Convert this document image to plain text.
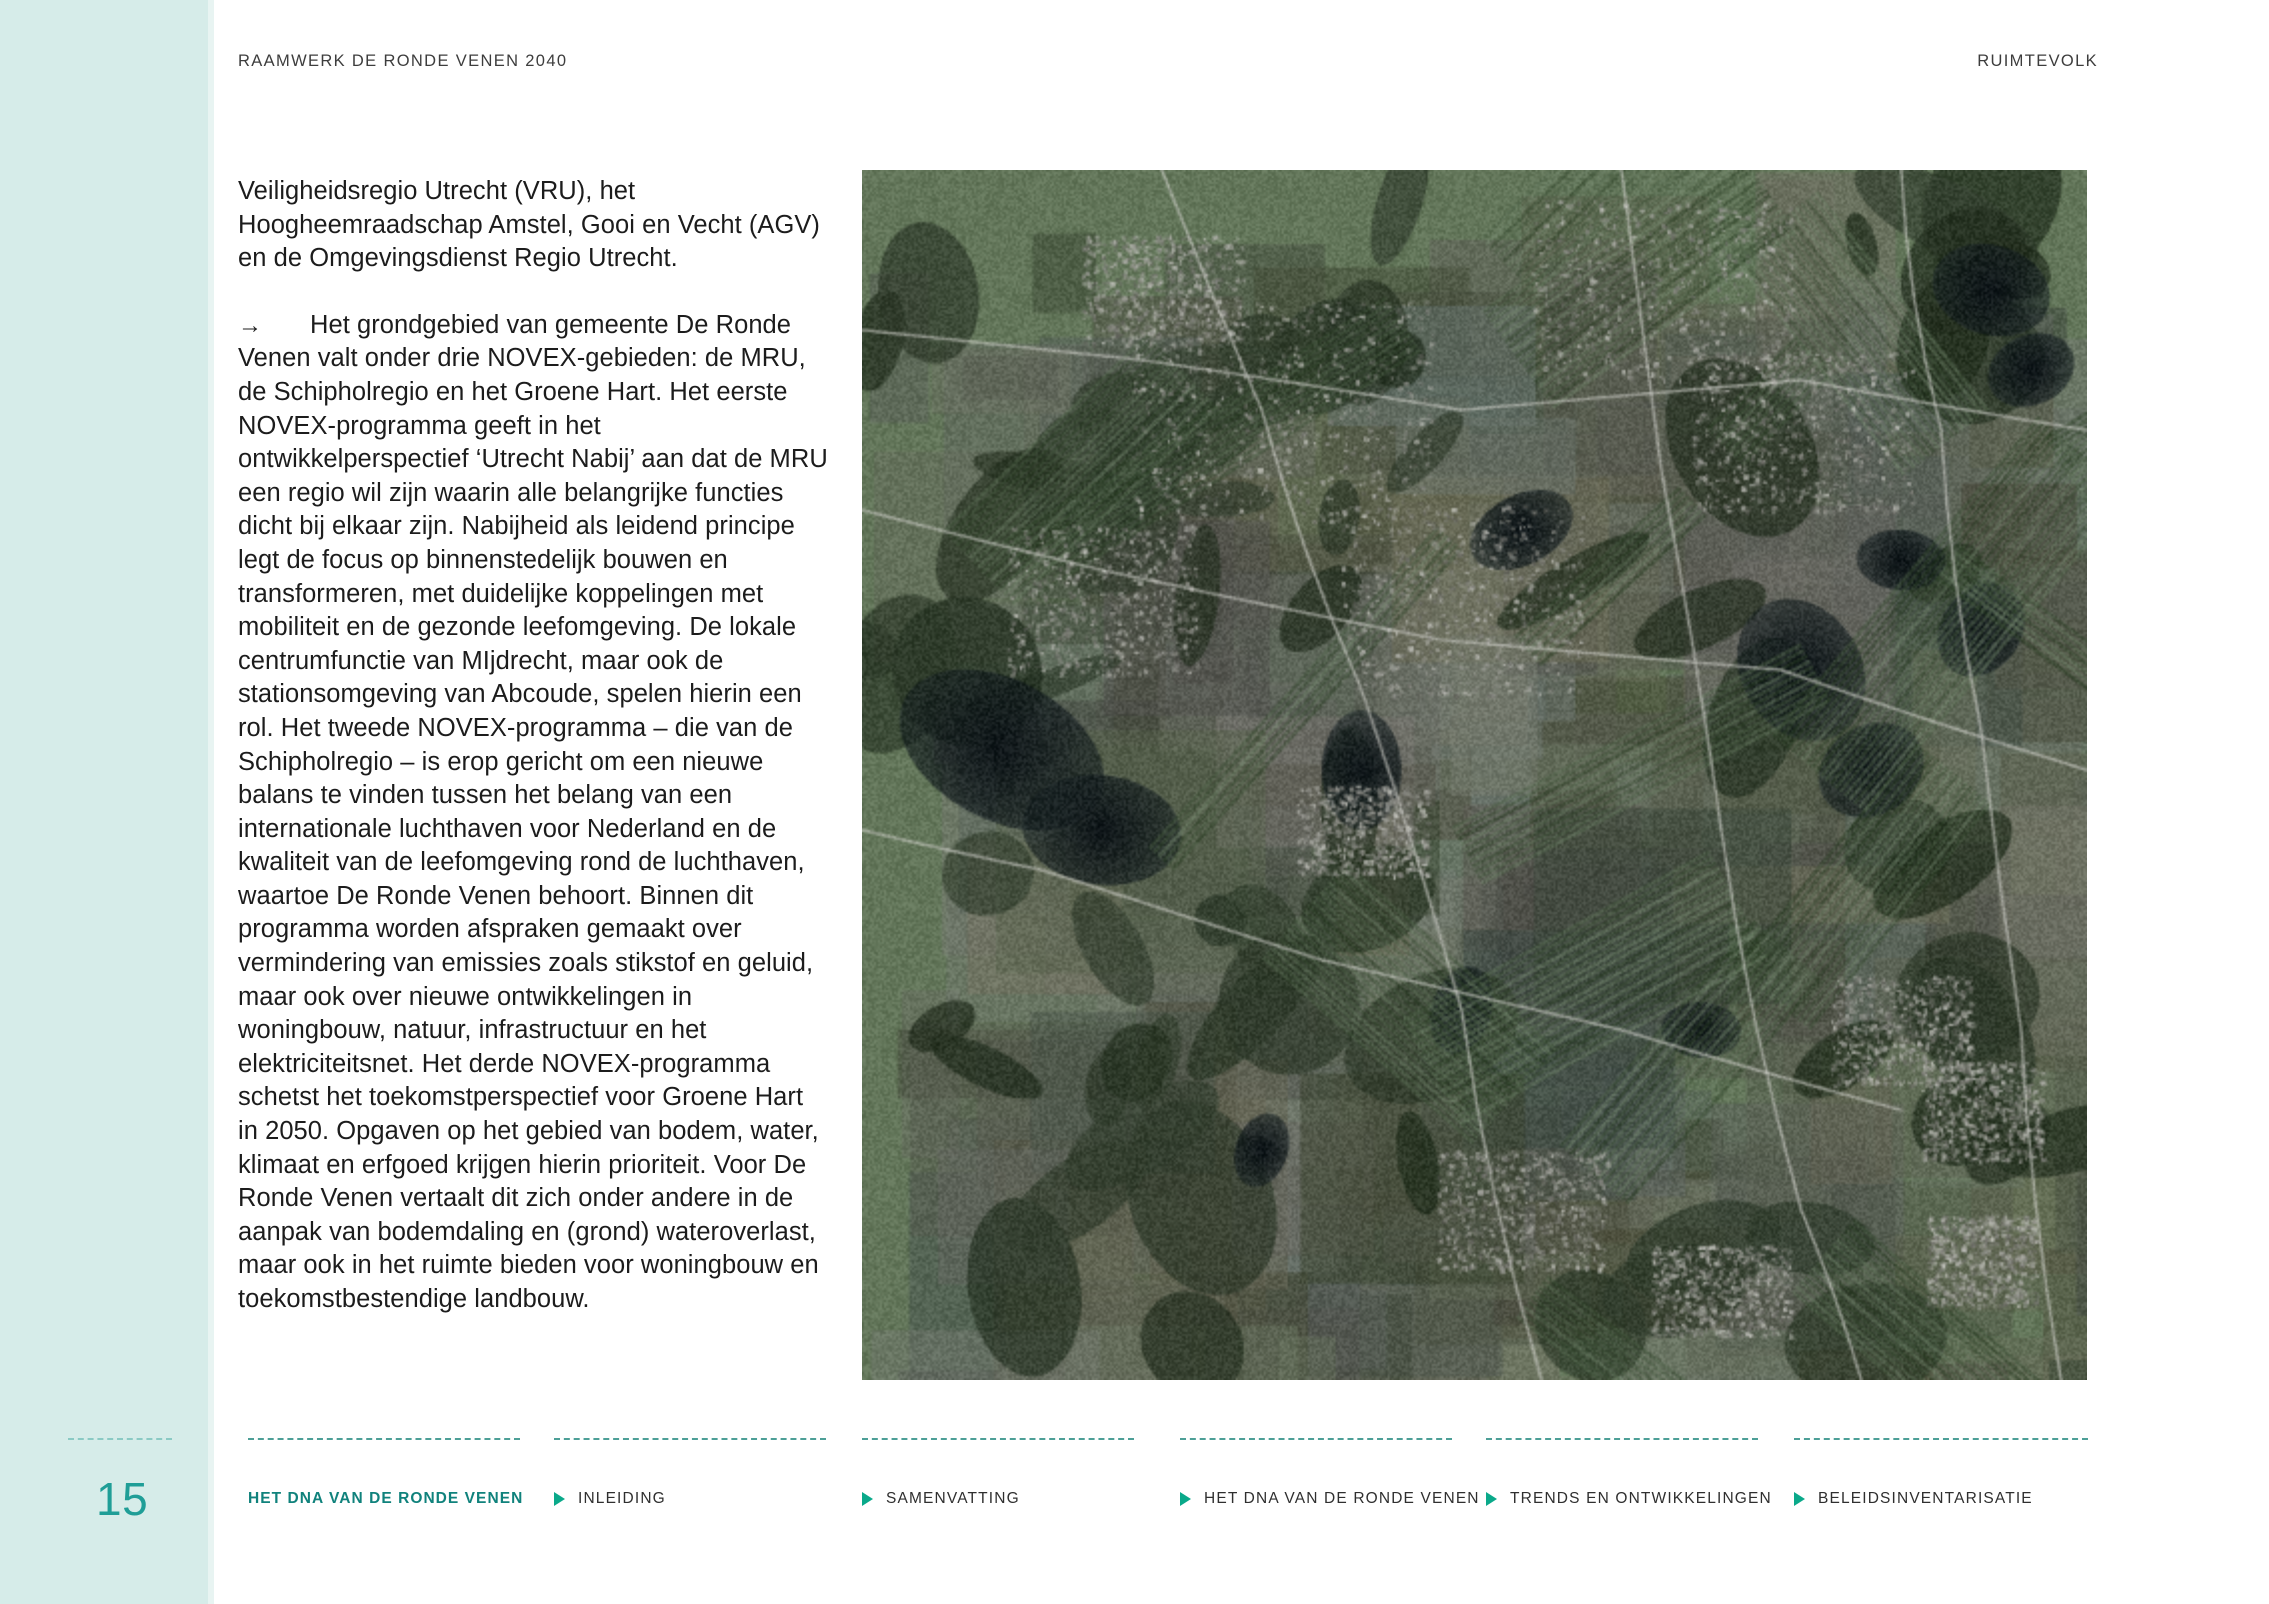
RAAMWERK DE RONDE VENEN 2040	RUIMTEVOLK

Veiligheidsregio Utrecht (VRU), het Hoogheemraadschap Amstel, Gooi en Vecht (AGV) en de Omgevingsdienst Regio Utrecht.

→ Het grondgebied van gemeente De Ronde Venen valt onder drie NOVEX-gebieden: de MRU, de Schipholregio en het Groene Hart. Het eerste NOVEX-programma geeft in het ontwikkelperspectief ‘Utrecht Nabij’ aan dat de MRU een regio wil zijn waarin alle belangrijke functies dicht bij elkaar zijn. Nabijheid als leidend principe legt de focus op binnenstedelijk bouwen en transformeren, met duidelijke koppelingen met mobiliteit en de gezonde leefomgeving. De lokale centrumfunctie van MIjdrecht, maar ook de stationsomgeving van Abcoude, spelen hierin een rol. Het tweede NOVEX-programma – die van de Schipholregio – is erop gericht om een nieuwe balans te vinden tussen het belang van een internationale luchthaven voor Nederland en de kwaliteit van de leefomgeving rond de luchthaven, waartoe De Ronde Venen behoort. Binnen dit programma worden afspraken gemaakt over vermindering van emissies zoals stikstof en geluid, maar ook over nieuwe ontwikkelingen in woningbouw, natuur, infrastructuur en het elektriciteitsnet. Het derde NOVEX-programma schetst het toekomstperspectief voor Groene Hart in 2050. Opgaven op het gebied van bodem, water, klimaat en erfgoed krijgen hierin prioriteit. Voor De Ronde Venen vertaalt dit zich onder andere in de aanpak van bodemdaling en (grond) wateroverlast, maar ook in het ruimte bieden voor woningbouw en toekomstbestendige landbouw.

15	HET DNA VAN DE RONDE VENEN	INLEIDING	SAMENVATTING	HET DNA VAN DE RONDE VENEN TRENDS EN ONTWIKKELINGEN	BELEIDSINVENTARISATIE
